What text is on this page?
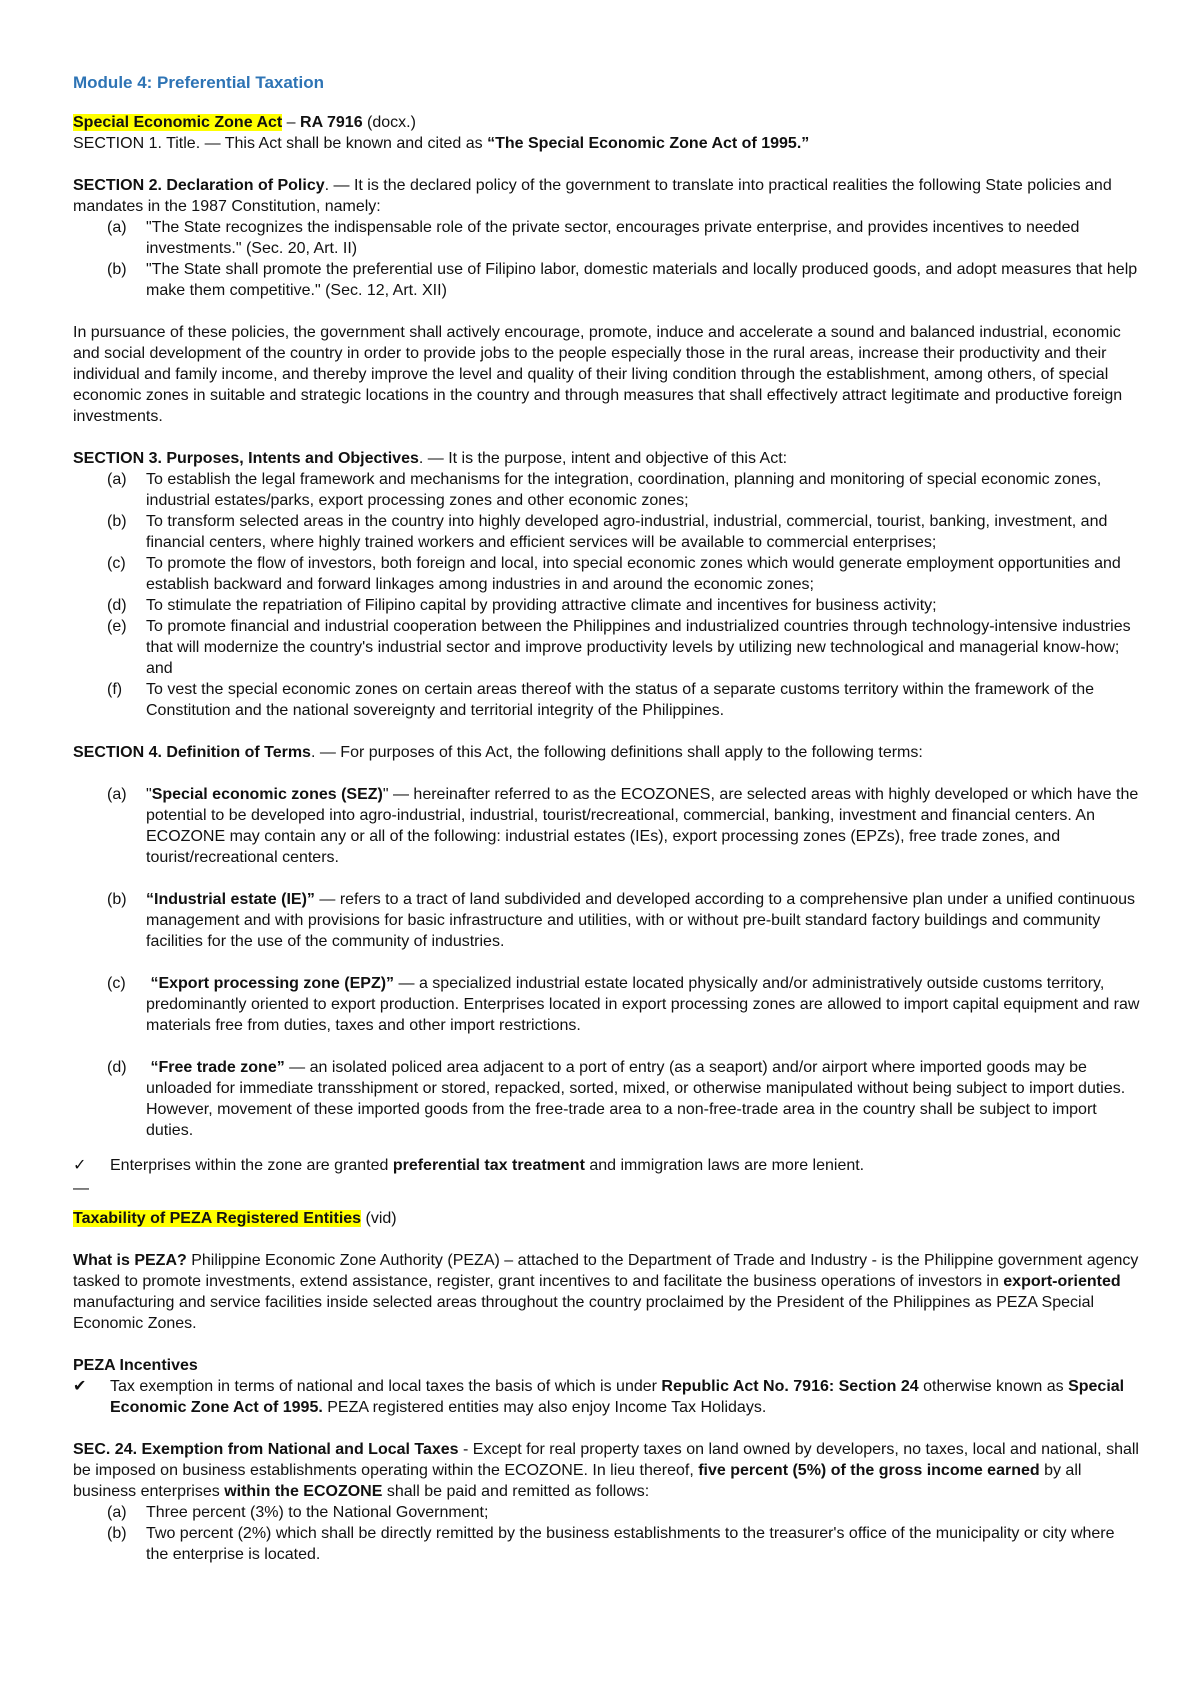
Module 4: Preferential Taxation

Special Economic Zone Act – RA 7916 (docx.)

SECTION 1. Title. — This Act shall be known and cited as “The Special Economic Zone Act of 1995.”

SECTION 2. Declaration of Policy. — It is the declared policy of the government to translate into practical realities the following State policies and mandates in the 1987 Constitution, namely:

(a) "The State recognizes the indispensable role of the private sector, encourages private enterprise, and provides incentives to needed investments." (Sec. 20, Art. II)
(b) "The State shall promote the preferential use of Filipino labor, domestic materials and locally produced goods, and adopt measures that help make them competitive." (Sec. 12, Art. XII)

In pursuance of these policies, the government shall actively encourage, promote, induce and accelerate a sound and balanced industrial, economic and social development of the country in order to provide jobs to the people especially those in the rural areas, increase their productivity and their individual and family income, and thereby improve the level and quality of their living condition through the establishment, among others, of special economic zones in suitable and strategic locations in the country and through measures that shall effectively attract legitimate and productive foreign investments.

SECTION 3. Purposes, Intents and Objectives. — It is the purpose, intent and objective of this Act:

(a) To establish the legal framework and mechanisms for the integration, coordination, planning and monitoring of special economic zones, industrial estates/parks, export processing zones and other economic zones;
(b) To transform selected areas in the country into highly developed agro-industrial, industrial, commercial, tourist, banking, investment, and financial centers, where highly trained workers and efficient services will be available to commercial enterprises;
(c) To promote the flow of investors, both foreign and local, into special economic zones which would generate employment opportunities and establish backward and forward linkages among industries in and around the economic zones;
(d) To stimulate the repatriation of Filipino capital by providing attractive climate and incentives for business activity;
(e) To promote financial and industrial cooperation between the Philippines and industrialized countries through technology-intensive industries that will modernize the country's industrial sector and improve productivity levels by utilizing new technological and managerial know-how; and
(f) To vest the special economic zones on certain areas thereof with the status of a separate customs territory within the framework of the Constitution and the national sovereignty and territorial integrity of the Philippines.

SECTION 4. Definition of Terms. — For purposes of this Act, the following definitions shall apply to the following terms:

(a) "Special economic zones (SEZ)" — hereinafter referred to as the ECOZONES, are selected areas with highly developed or which have the potential to be developed into agro-industrial, industrial, tourist/recreational, commercial, banking, investment and financial centers. An ECOZONE may contain any or all of the following: industrial estates (IEs), export processing zones (EPZs), free trade zones, and tourist/recreational centers.
(b) “Industrial estate (IE)” — refers to a tract of land subdivided and developed according to a comprehensive plan under a unified continuous management and with provisions for basic infrastructure and utilities, with or without pre-built standard factory buildings and community facilities for the use of the community of industries.
(c) “Export processing zone (EPZ)” — a specialized industrial estate located physically and/or administratively outside customs territory, predominantly oriented to export production. Enterprises located in export processing zones are allowed to import capital equipment and raw materials free from duties, taxes and other import restrictions.
(d) “Free trade zone” — an isolated policed area adjacent to a port of entry (as a seaport) and/or airport where imported goods may be unloaded for immediate transshipment or stored, repacked, sorted, mixed, or otherwise manipulated without being subject to import duties. However, movement of these imported goods from the free-trade area to a non-free-trade area in the country shall be subject to import duties.

✓ Enterprises within the zone are granted preferential tax treatment and immigration laws are more lenient.

—

Taxability of PEZA Registered Entities (vid)

What is PEZA? Philippine Economic Zone Authority (PEZA) – attached to the Department of Trade and Industry - is the Philippine government agency tasked to promote investments, extend assistance, register, grant incentives to and facilitate the business operations of investors in export-oriented manufacturing and service facilities inside selected areas throughout the country proclaimed by the President of the Philippines as PEZA Special Economic Zones.

PEZA Incentives

✔ Tax exemption in terms of national and local taxes the basis of which is under Republic Act No. 7916: Section 24 otherwise known as Special Economic Zone Act of 1995. PEZA registered entities may also enjoy Income Tax Holidays.

SEC. 24. Exemption from National and Local Taxes - Except for real property taxes on land owned by developers, no taxes, local and national, shall be imposed on business establishments operating within the ECOZONE. In lieu thereof, five percent (5%) of the gross income earned by all business enterprises within the ECOZONE shall be paid and remitted as follows:

(a) Three percent (3%) to the National Government;
(b) Two percent (2%) which shall be directly remitted by the business establishments to the treasurer's office of the municipality or city where the enterprise is located.
